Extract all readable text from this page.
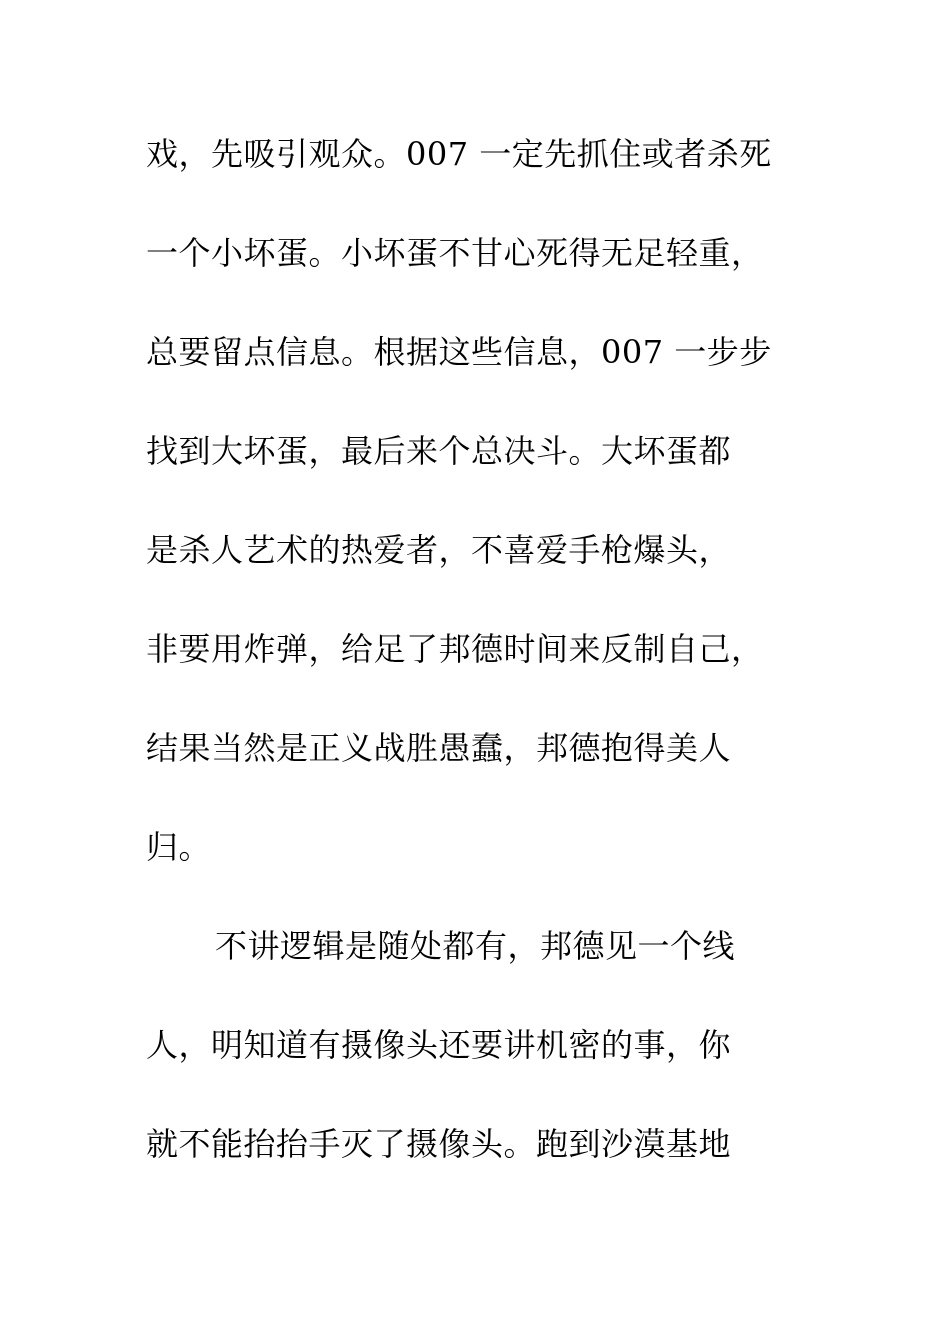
戏，先吸引观众。007 一定先抓住或者杀死
一个小坏蛋。小坏蛋不甘心死得无足轻重，
总要留点信息。根据这些信息，007 一步步
找到大坏蛋，最后来个总决斗。大坏蛋都
是杀人艺术的热爱者，不喜爱手枪爆头，
非要用炸弹，给足了邦德时间来反制自己，
结果当然是正义战胜愚蠢，邦德抱得美人
归。
不讲逻辑是随处都有，邦德见一个线
人，明知道有摄像头还要讲机密的事，你
就不能抬抬手灭了摄像头。跑到沙漠基地
